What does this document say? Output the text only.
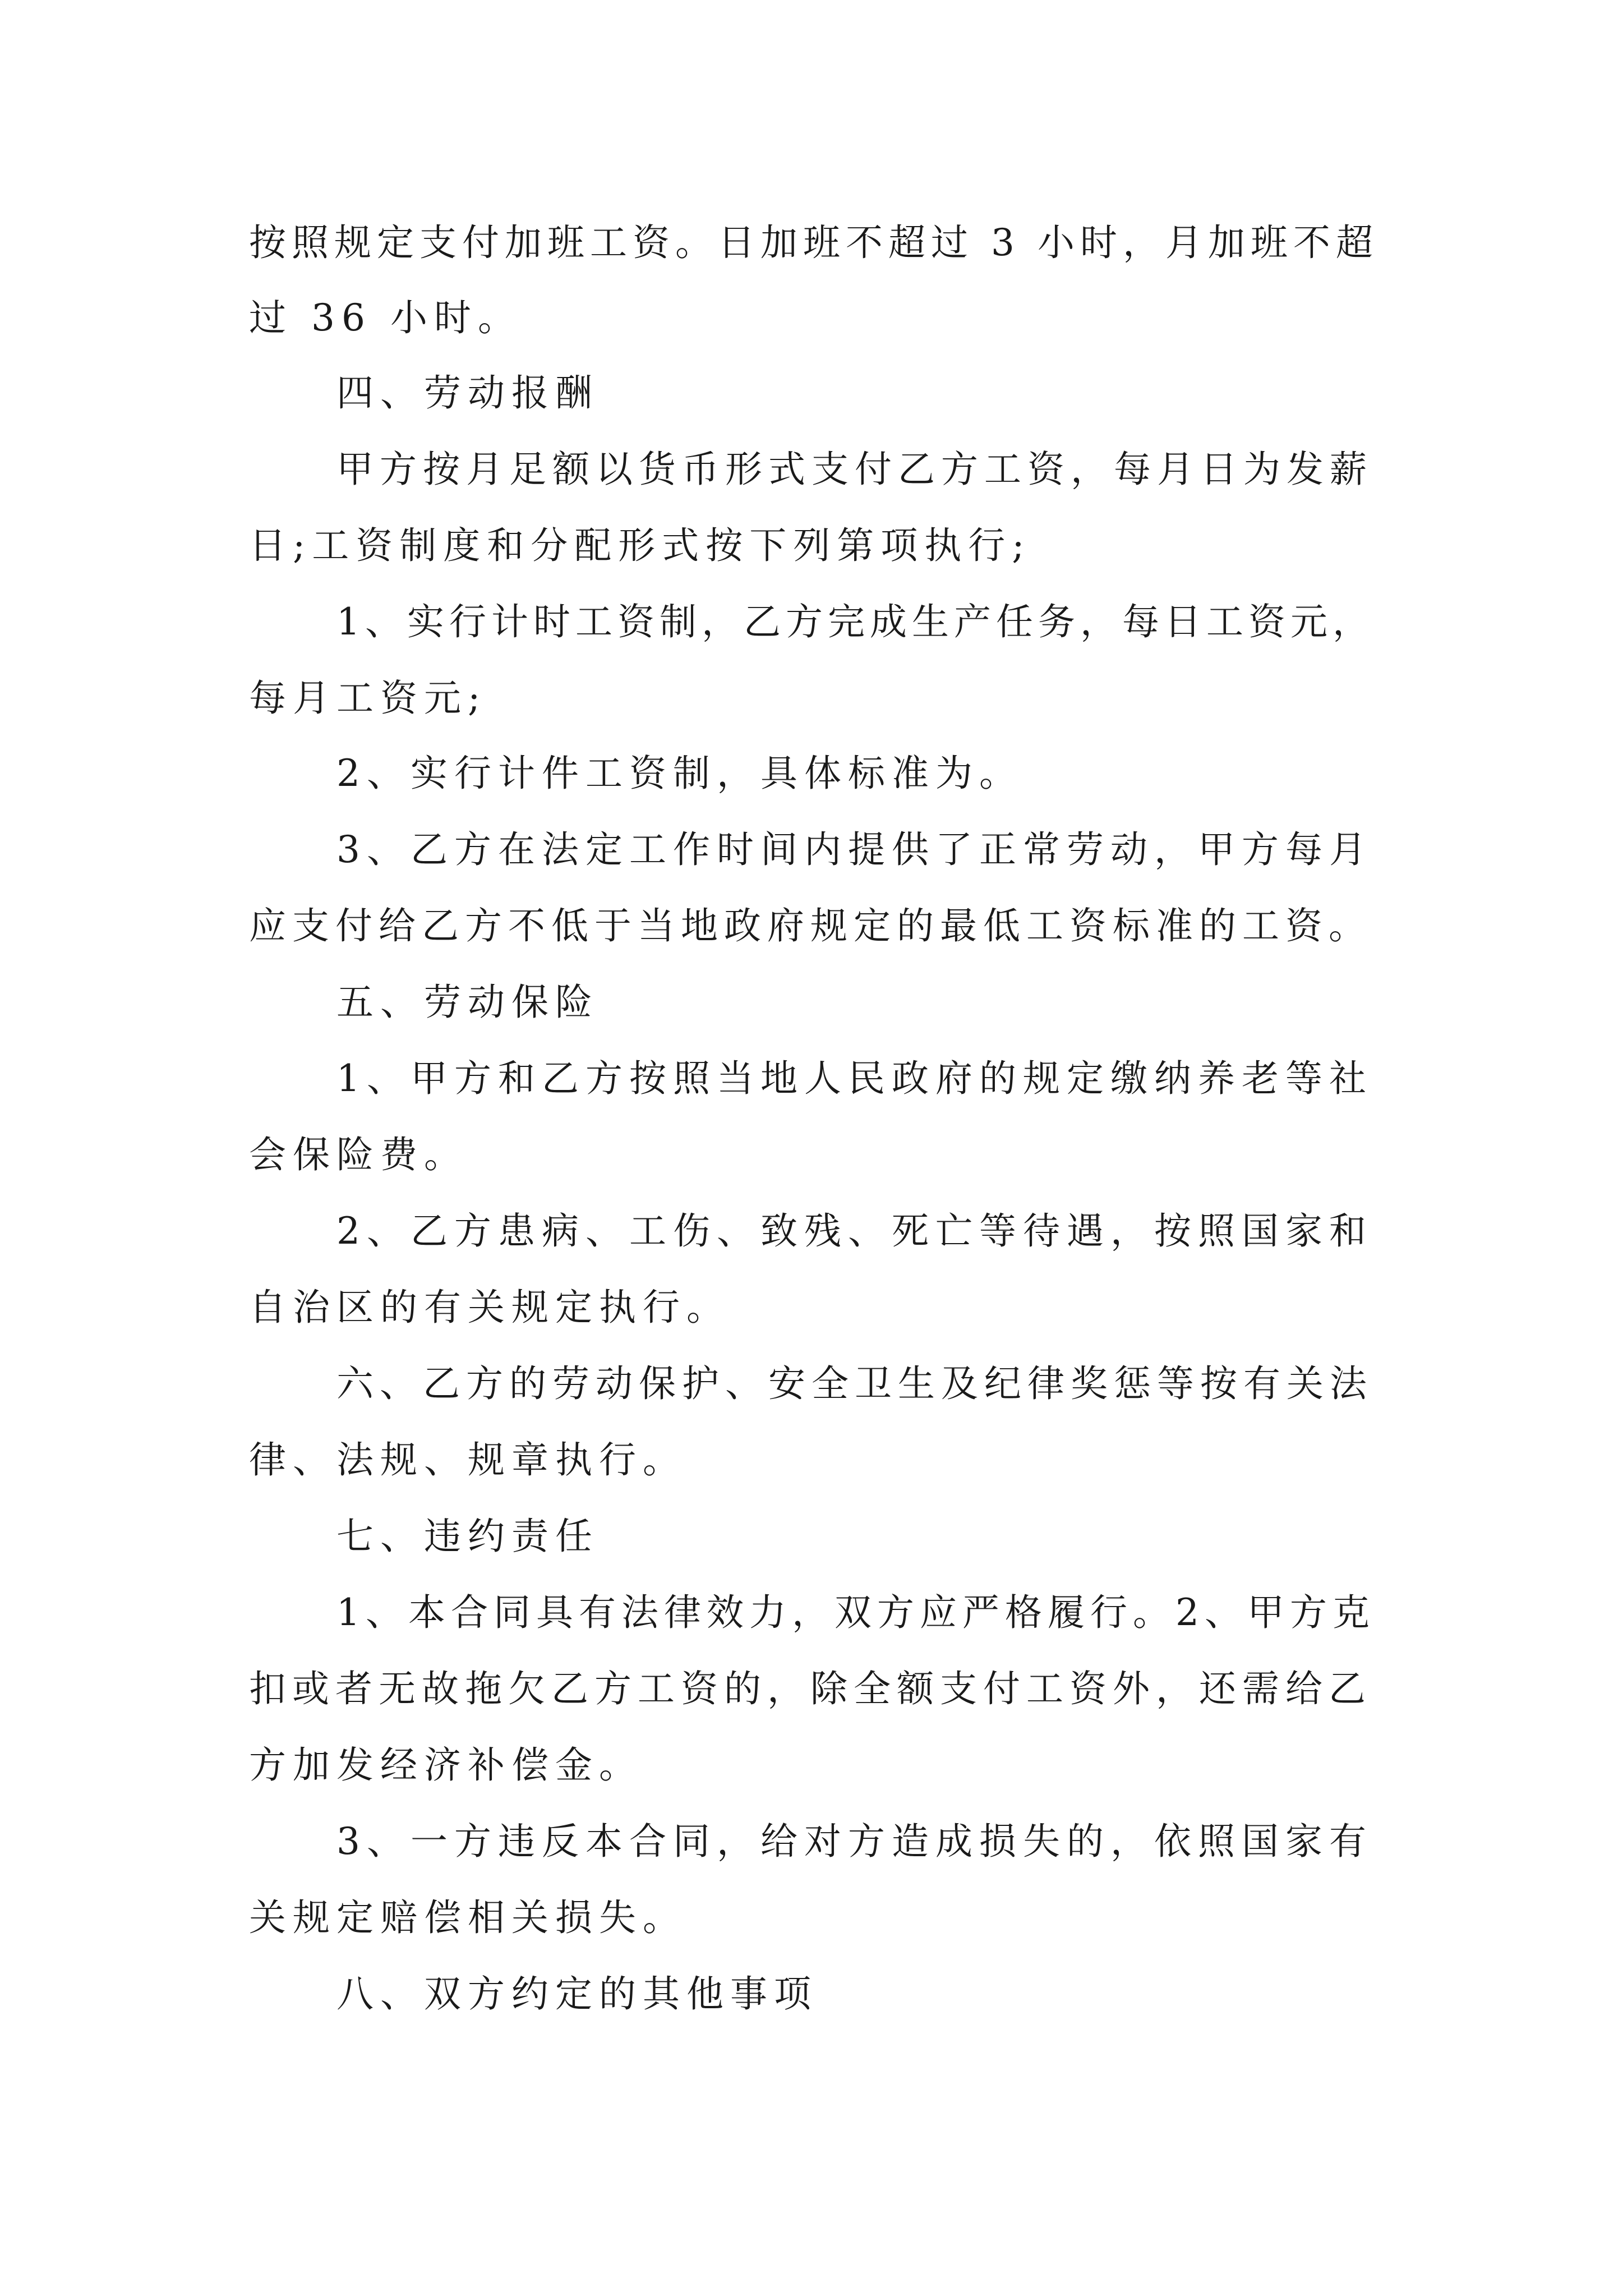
按照规定支付加班工资。日加班不超过 3 小时，月加班不超

过 36 小时。

四、劳动报酬

甲方按月足额以货币形式支付乙方工资，每月日为发薪

日;工资制度和分配形式按下列第项执行;

1、实行计时工资制，乙方完成生产任务，每日工资元，

每月工资元;

2、实行计件工资制，具体标准为。

3、乙方在法定工作时间内提供了正常劳动，甲方每月

应支付给乙方不低于当地政府规定的最低工资标准的工资。

五、劳动保险

1、甲方和乙方按照当地人民政府的规定缴纳养老等社

会保险费。

2、乙方患病、工伤、致残、死亡等待遇，按照国家和

自治区的有关规定执行。

六、乙方的劳动保护、安全卫生及纪律奖惩等按有关法

律、法规、规章执行。

七、违约责任

1、本合同具有法律效力，双方应严格履行。2、甲方克

扣或者无故拖欠乙方工资的，除全额支付工资外，还需给乙

方加发经济补偿金。

3、一方违反本合同，给对方造成损失的，依照国家有

关规定赔偿相关损失。

八、双方约定的其他事项
